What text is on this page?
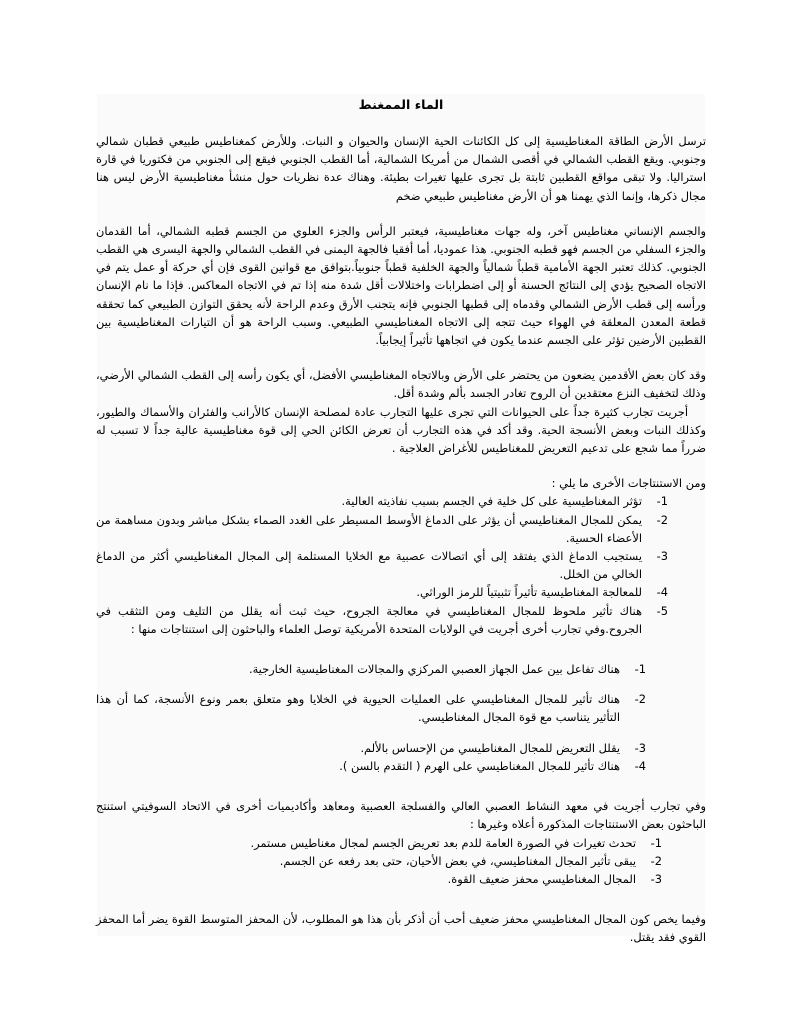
الماء الممغنط

ترسل الأرض الطاقة المغناطيسية إلى كل الكائنات الحية الإنسان والحيوان و النبات. وللأرض كمغناطيس طبيعي قطبان شمالي وجنوبي. ويقع القطب الشمالي في أقصى الشمال من أمريكا الشمالية، أما القطب الجنوبي فيقع إلى الجنوبي من فكتوريا في قارة استراليا. ولا تبقى مواقع القطبين ثابتة بل تجرى عليها تغيرات بطيئة. وهناك عدة نظريات حول منشأ مغناطيسية الأرض ليس هنا مجال ذكرها، وإنما الذي يهمنا هو أن الأرض مغناطيس طبيعي ضخم

والجسم الإنساني مغناطيس آخر، وله جهات مغناطيسية، فيعتبر الرأس والجزء العلوي من الجسم قطبه الشمالي، أما القدمان والجزء السفلي من الجسم فهو قطبه الجنوبي. هذا عموديا، أما أفقيا فالجهة اليمنى في القطب الشمالي والجهة اليسرى هي القطب الجنوبي. كذلك تعتبر الجهة الأمامية قطباً شمالياً والجهة الخلفية قطباً جنوبياً.بتوافق مع قوانين القوى فإن أي حركة أو عمل يتم في الاتجاه الصحيح يؤدي إلى النتائج الحسنة أو إلى اضطرابات واختلالات أقل شدة منه إذا تم في الاتجاه المعاكس. فإذا ما نام الإنسان ورأسه إلى قطب الأرض الشمالي وقدماه إلى قطبها الجنوبي فإنه يتجنب الأرق وعدم الراحة لأنه يحقق التوازن الطبيعي كما تحققه قطعة المعدن المعلقة في الهواء حيث تتجه إلى الاتجاه المغناطيسي الطبيعي. وسبب الراحة هو أن التيارات المغناطيسية بين القطبين الأرضين تؤثر على الجسم عندما يكون في اتجاهها تأثيراً إيجابياً.

وقد كان بعض الأقدمين يضعون من يحتضر على الأرض وبالاتجاه المغناطيسي الأفضل، أي يكون رأسه إلى القطب الشمالي الأرضي، وذلك لتخفيف النزع معتقدين أن الروح تغادر الجسد بألم وشدة أقل.

أجريت تجارب كثيرة جداً على الحيوانات التي تجرى عليها التجارب عادة لمصلحة الإنسان كالأرانب والفئران والأسماك والطيور، وكذلك النبات وبعض الأنسجة الحية. وقد أكد في هذه التجارب أن تعرض الكائن الحي إلى قوة مغناطيسية عالية جداً لا تسبب له ضرراً مما شجع على تدعيم التعريض للمغناطيس للأغراض العلاجية .

ومن الاستنتاجات الأخرى ما يلي :

1-
تؤثر المغناطيسية على كل خلية في الجسم بسبب نفاذيته العالية.
2-
يمكن للمجال المغناطيسي أن يؤثر على الدماغ الأوسط المسيطر على الغدد الصماء بشكل مباشر وبدون مساهمة من الأعضاء الحسية.
3-
يستجيب الدماغ الذي يفتقد إلى أي اتصالات عصبية مع الخلايا المستلمة إلى المجال المغناطيسي أكثر من الدماغ الخالي من الخلل.
4-
للمعالجة المغناطيسية تأثيراً تثبيتياً للرمز الوراثي.
5-
هناك تأثير ملحوظ للمجال المغناطيسي في معالجة الجروح، حيث ثبت أنه يقلل من التليف ومن التثقب في الجروح.وفي تجارب أخرى أجريت في الولايات المتحدة الأمريكية توصل العلماء والباحثون إلى استنتاجات منها :
1-
هناك تفاعل بين عمل الجهاز العصبي المركزي والمجالات المغناطيسية الخارجية.
2-
هناك تأثير للمجال المغناطيسي على العمليات الحيوية في الخلايا وهو متعلق بعمر ونوع الأنسجة، كما أن هذا التأثير يتناسب مع قوة المجال المغناطيسي.
3-
يقلل التعريض للمجال المغناطيسي من الإحساس بالألم.
4-
هناك تأثير للمجال المغناطيسي على الهرم ( التقدم بالسن ).

وفي تجارب أجريت في معهد النشاط العصبي العالي والفسلجة العصبية ومعاهد وأكاديميات أخرى في الاتحاد السوفيتي استنتج الباحثون بعض الاستنتاجات المذكورة أعلاه وغيرها :

1-
تحدث تغيرات في الصورة العامة للدم بعد تعريض الجسم لمجال مغناطيس مستمر.
2-
يبقى تأثير المجال المغناطيسي، في بعض الأحيان، حتى بعد رفعه عن الجسم.
3-
المجال المغناطيسي محفز ضعيف القوة.

وفيما يخص كون المجال المغناطيسي محفز ضعيف أحب أن أذكر بأن هذا هو المطلوب، لأن المحفز المتوسط القوة يضر أما المحفز القوي فقد يقتل.
